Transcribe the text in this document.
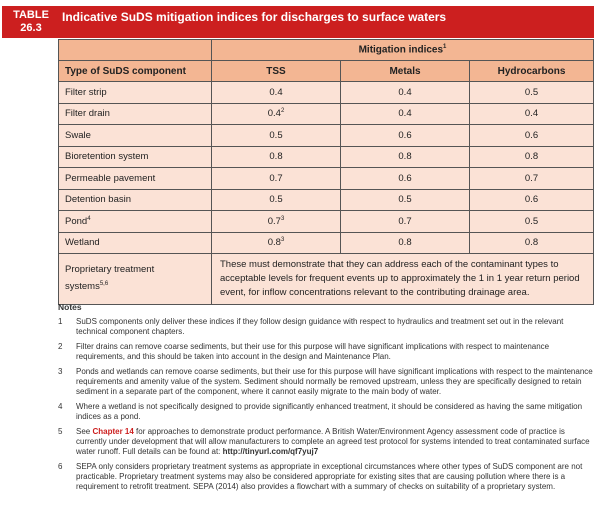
TABLE
26.3
Indicative SuDS mitigation indices for discharges to surface waters
	Mitigation indices$^1$
Type of SuDS component	TSS	Metals	Hydrocarbons
Filter strip	0.4	0.4	0.5
Filter drain	$0.4^2$	0.4	0.4
Swale	0.5	0.6	0.6
Bioretention system	0.8	0.8	0.8
Permeable pavement	0.7	0.6	0.7
Detention basin	0.5	0.5	0.6
Pond$^4$	$0.7^3$	0.7	0.5
Wetland	$0.8^3$	0.8	0.8

Proprietary treatment
systems$^{5,6}$	These must demonstrate that they can address each of the contaminant types to acceptable levels for frequent events up to approximately the 1 in 1 year return period event, for inflow concentrations relevant to the contributing drainage area.		
Notes
1 SuDS components only deliver these indices if they follow design guidance with respect to hydraulics and treatment set out in the relevant technical component chapters.
2 Filter drains can remove coarse sediments, but their use for this purpose will have significant implications with respect to maintenance requirements, and this should be taken into account in the design and Maintenance Plan.
3 Ponds and wetlands can remove coarse sediments, but their use for this purpose will have significant implications with respect to the maintenance requirements and amenity value of the system. Sediment should normally be removed upstream, unless they are specifically designed to retain sediment in a separate part of the component, where it cannot easily migrate to the main body of water.
4 Where a wetland is not specifically designed to provide significantly enhanced treatment, it should be considered as having the same mitigation indices as a pond.
5 See Chapter 14 for approaches to demonstrate product performance. A British Water/Environment Agency assessment code of practice is currently under development that will allow manufacturers to complete an agreed test protocol for systems intended to treat contaminated surface water runoff. Full details can be found at: http://tinyurl.com/qf7yuj7
6 SEPA only considers proprietary treatment systems as appropriate in exceptional circumstances where other types of SuDS component are not practicable. Proprietary treatment systems may also be considered appropriate for existing sites that are causing pollution where there is a requirement to retrofit treatment. SEPA (2014) also provides a flowchart with a summary of checks on suitability of a proprietary system.
